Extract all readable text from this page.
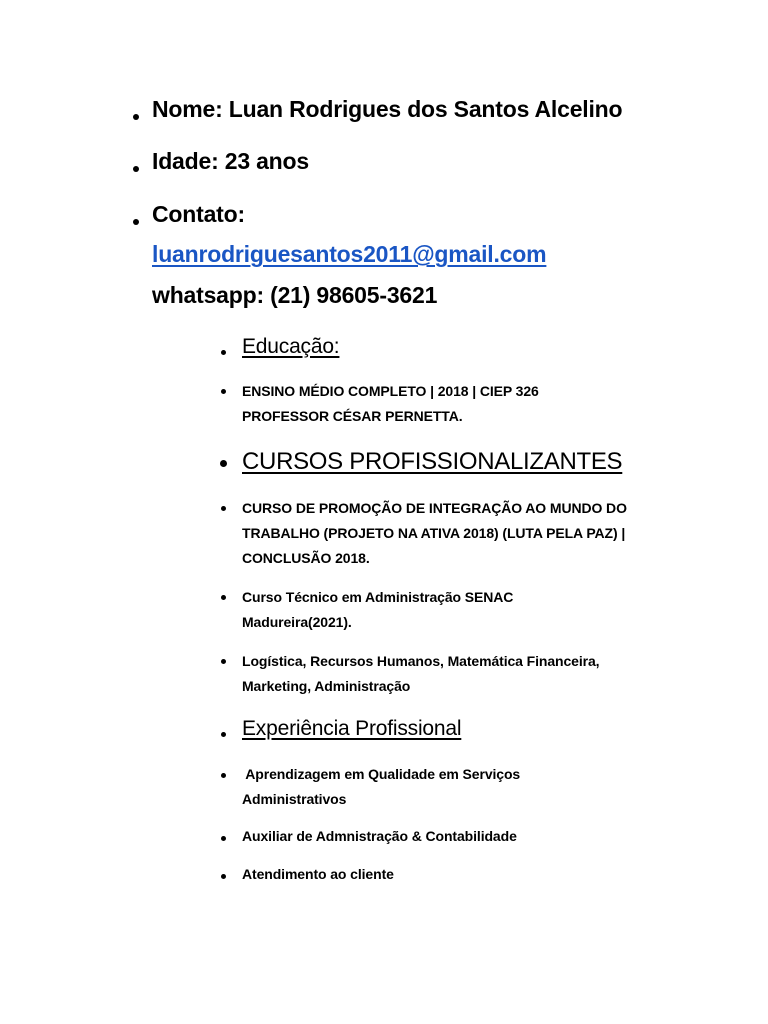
Nome: Luan Rodrigues dos Santos Alcelino
Idade: 23 anos
Contato:
luanrodriguesantos2011@gmail.com
whatsapp: (21) 98605-3621
Educação:
ENSINO MÉDIO COMPLETO | 2018 | CIEP 326
PROFESSOR CÉSAR PERNETTA.
CURSOS PROFISSIONALIZANTES
CURSO DE PROMOÇÃO DE INTEGRAÇÃO AO MUNDO DO
TRABALHO (PROJETO NA ATIVA 2018) (LUTA PELA PAZ) |
CONCLUSÃO 2018.
Curso Técnico em Administração SENAC
Madureira(2021).
Logística, Recursos Humanos, Matemática Financeira,
Marketing, Administração
Experiência Profissional
Aprendizagem em Qualidade em Serviços
Administrativos
Auxiliar de Admnistração & Contabilidade
Atendimento ao cliente
